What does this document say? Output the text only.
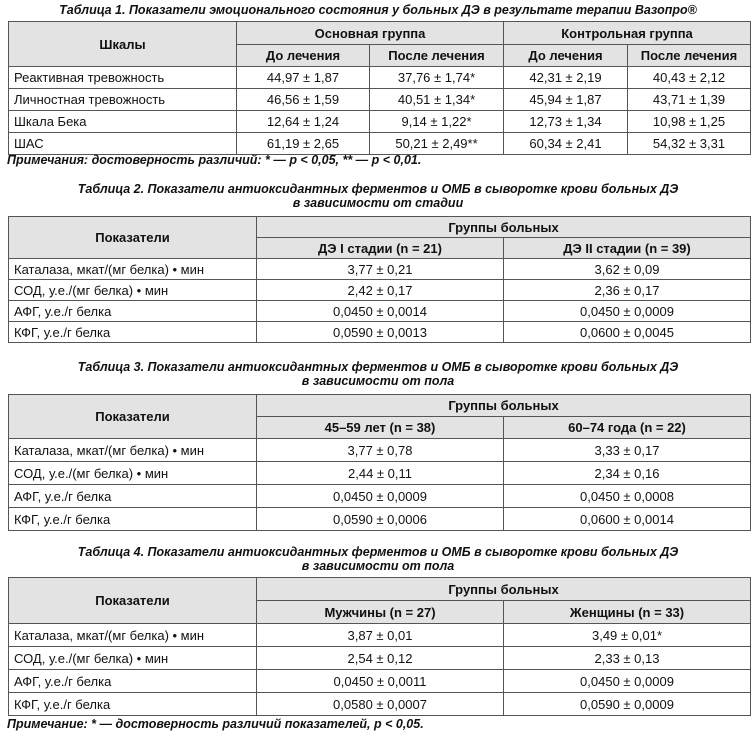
Таблица 1. Показатели эмоционального состояния у больных ДЭ в результате терапии Вазопро®
Шкалы	Основная группа		Контрольная группа	
	До лечения	После лечения	До лечения	После лечения
Реактивная тревожность	44,97 ± 1,87	37,76 ± 1,74*	42,31 ± 2,19	40,43 ± 2,12
Личностная тревожность	46,56 ± 1,59	40,51 ± 1,34*	45,94 ± 1,87	43,71 ± 1,39
Шкала Бека	12,64 ± 1,24	9,14 ± 1,22*	12,73 ± 1,34	10,98 ± 1,25
ШАС	61,19 ± 2,65	50,21 ± 2,49**	60,34 ± 2,41	54,32 ± 3,31
Примечания: достоверность различий: * — p < 0,05, ** — p < 0,01.
Таблица 2. Показатели антиоксидантных ферментов и ОМБ в сыворотке крови больных ДЭ
в зависимости от стадии
Показатели	Группы больных	
	ДЭ I стадии (n = 21)	ДЭ II стадии (n = 39)
Каталаза, мкат/(мг белка) • мин	3,77 ± 0,21	3,62 ± 0,09
СОД, у.е./(мг белка) • мин	2,42 ± 0,17	2,36 ± 0,17
АФГ, у.е./г белка	0,0450 ± 0,0014	0,0450 ± 0,0009
КФГ, у.е./г белка	0,0590 ± 0,0013	0,0600 ± 0,0045
Таблица 3. Показатели антиоксидантных ферментов и ОМБ в сыворотке крови больных ДЭ
в зависимости от пола
Показатели	Группы больных	
	45–59 лет (n = 38)	60–74 года (n = 22)
Каталаза, мкат/(мг белка) • мин	3,77 ± 0,78	3,33 ± 0,17
СОД, у.е./(мг белка) • мин	2,44 ± 0,11	2,34 ± 0,16
АФГ, у.е./г белка	0,0450 ± 0,0009	0,0450 ± 0,0008
КФГ, у.е./г белка	0,0590 ± 0,0006	0,0600 ± 0,0014
Таблица 4. Показатели антиоксидантных ферментов и ОМБ в сыворотке крови больных ДЭ
в зависимости от пола
Показатели	Группы больных	
	Мужчины (n = 27)	Женщины (n = 33)
Каталаза, мкат/(мг белка) • мин	3,87 ± 0,01	3,49 ± 0,01*
СОД, у.е./(мг белка) • мин	2,54 ± 0,12	2,33 ± 0,13
АФГ, у.е./г белка	0,0450 ± 0,0011	0,0450 ± 0,0009
КФГ, у.е./г белка	0,0580 ± 0,0007	0,0590 ± 0,0009
Примечание: * — достоверность различий показателей, p < 0,05.
